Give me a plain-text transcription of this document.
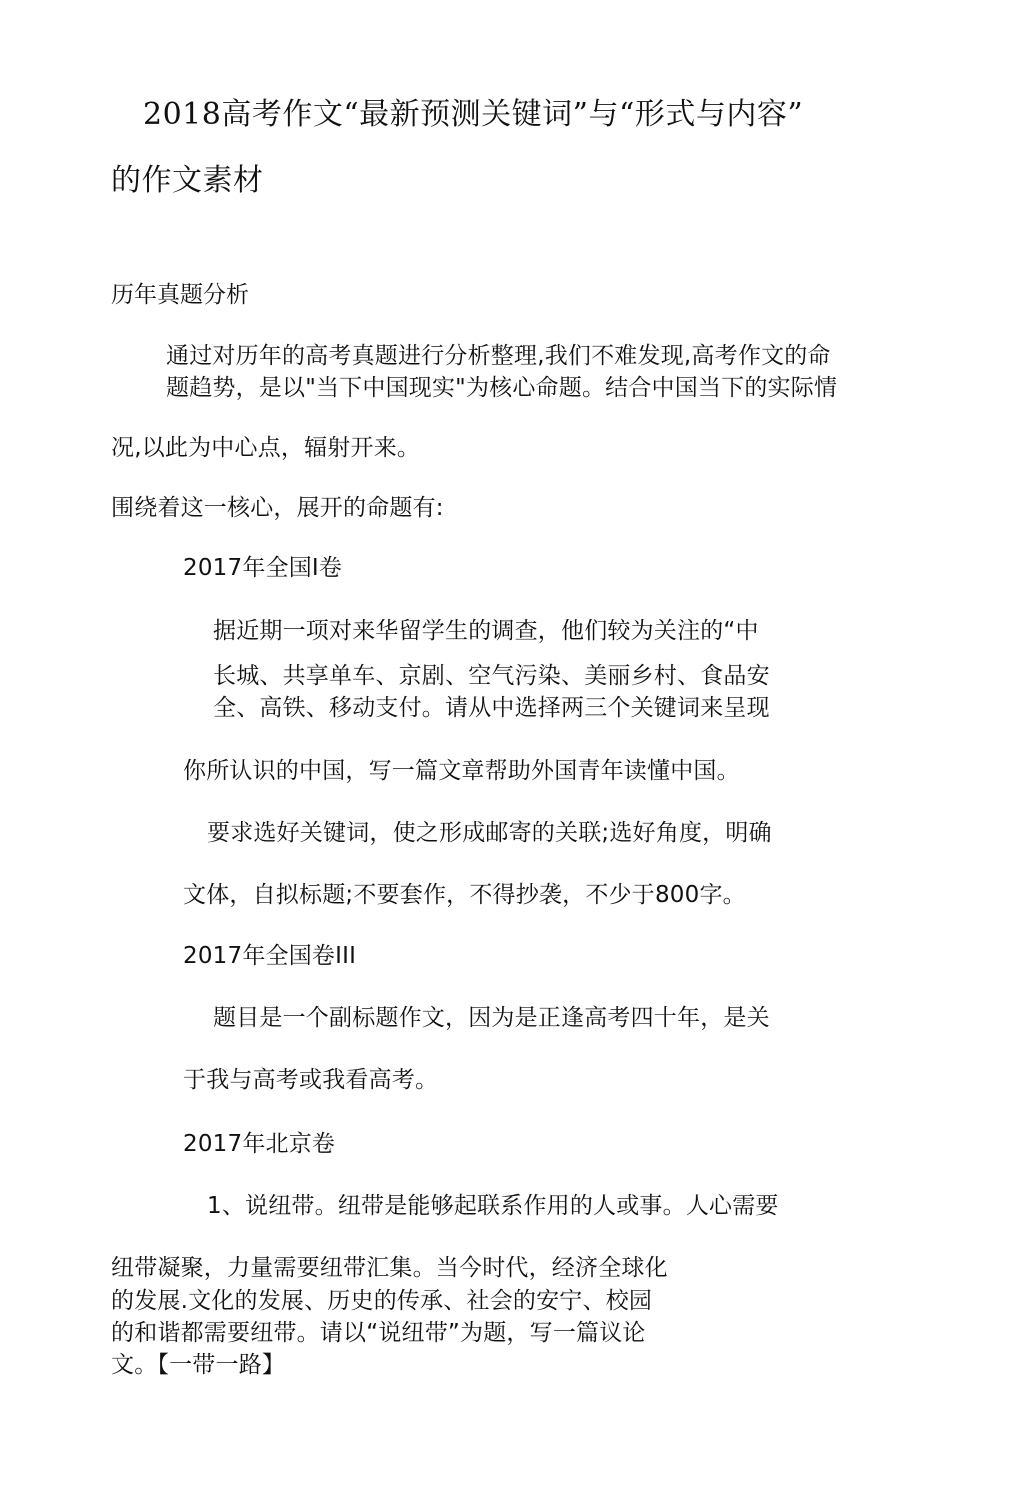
2018高考作文“最新预测关键词”与“形式与内容”
的作文素材
历年真题分析
通过对历年的高考真题进行分析整理,我们不难发现,高考作文的命
题趋势，是以"当下中国现实"为核心命题。结合中国当下的实际情
况,以此为中心点，辐射开来。
围绕着这一核心，展开的命题有:
2017年全国I卷
据近期一项对来华留学生的调查，他们较为关注的“中
长城、共享单车、京剧、空气污染、美丽乡村、食品安
全、高铁、移动支付。请从中选择两三个关键词来呈现
你所认识的中国，写一篇文章帮助外国青年读懂中国。
要求选好关键词，使之形成邮寄的关联;选好角度，明确
文体，自拟标题;不要套作，不得抄袭，不少于800字。
2017年全国卷III
题目是一个副标题作文，因为是正逢高考四十年，是关
于我与高考或我看高考。
2017年北京卷
1、说纽带。纽带是能够起联系作用的人或事。人心需要
纽带凝聚，力量需要纽带汇集。当今时代，经济全球化
的发展.文化的发展、历史的传承、社会的安宁、校园
的和谐都需要纽带。请以“说纽带”为题，写一篇议论
文。【一带一路】
